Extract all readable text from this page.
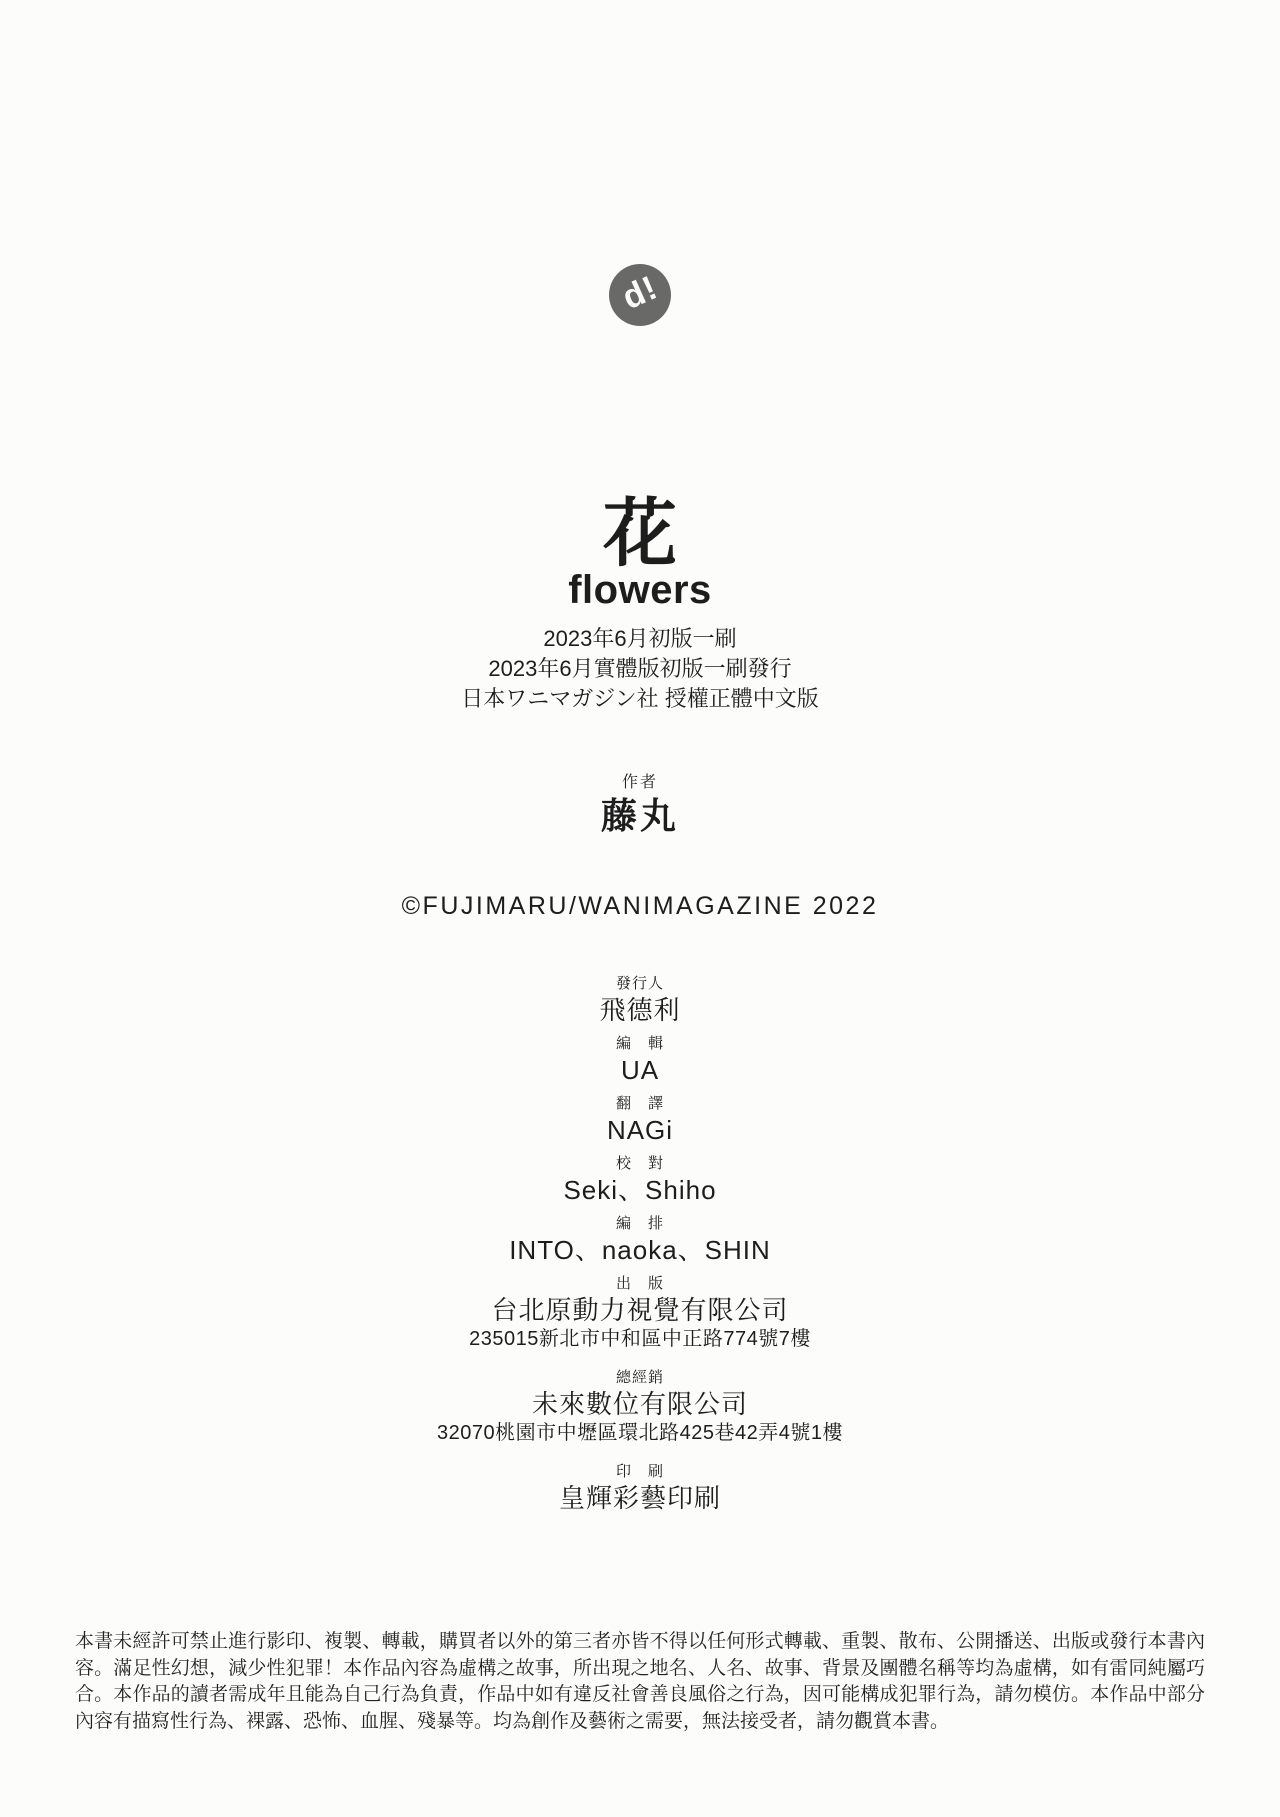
d!
花
flowers
2023年6月初版一刷
2023年6月實體版初版一刷發行
日本ワニマガジン社 授權正體中文版
作者
藤丸
©FUJIMARU/WANIMAGAZINE 2022
發行人
飛德利
編　輯
UA
翻　譯
NAGi
校　對
Seki、Shiho
編　排
INTO、naoka、SHIN
出　版
台北原動力視覺有限公司
235015新北市中和區中正路774號7樓
總經銷
未來數位有限公司
32070桃園市中壢區環北路425巷42弄4號1樓
印　刷
皇輝彩藝印刷

本書未經許可禁止進行影印、複製、轉載，購買者以外的第三者亦皆不得以任何形式轉載、重製、散布、公開播送、出版或發行本書內容。滿足性幻想，減少性犯罪！本作品內容為虛構之故事，所出現之地名、人名、故事、背景及團體名稱等均為虛構，如有雷同純屬巧合。本作品的讀者需成年且能為自己行為負責，作品中如有違反社會善良風俗之行為，因可能構成犯罪行為，請勿模仿。本作品中部分內容有描寫性行為、裸露、恐怖、血腥、殘暴等。均為創作及藝術之需要，無法接受者，請勿觀賞本書。
